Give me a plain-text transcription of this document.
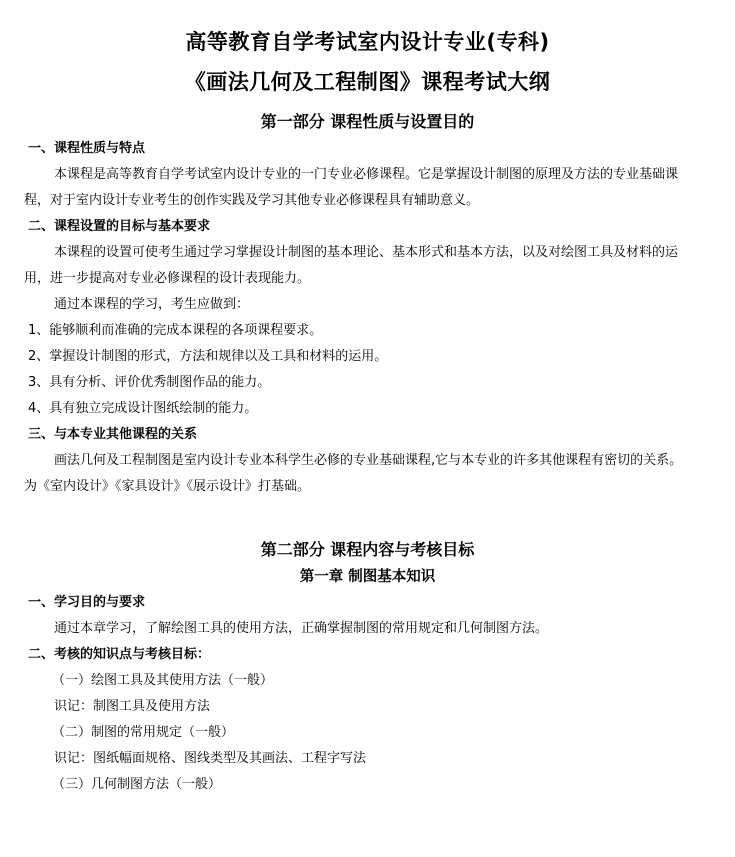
高等教育自学考试室内设计专业(专科)
《画法几何及工程制图》课程考试大纲
第一部分 课程性质与设置目的
一、课程性质与特点
本课程是高等教育自学考试室内设计专业的一门专业必修课程。它是掌握设计制图的原理及方法的专业基础课
程，对于室内设计专业考生的创作实践及学习其他专业必修课程具有辅助意义。
二、课程设置的目标与基本要求
本课程的设置可使考生通过学习掌握设计制图的基本理论、基本形式和基本方法，以及对绘图工具及材料的运
用，进一步提高对专业必修课程的设计表现能力。
通过本课程的学习，考生应做到：
1、能够顺利而准确的完成本课程的各项课程要求。
2、掌握设计制图的形式，方法和规律以及工具和材料的运用。
3、具有分析、评价优秀制图作品的能力。
4、具有独立完成设计图纸绘制的能力。
三、与本专业其他课程的关系
画法几何及工程制图是室内设计专业本科学生必修的专业基础课程,它与本专业的许多其他课程有密切的关系。
为《室内设计》《家具设计》《展示设计》打基础。
第二部分 课程内容与考核目标
第一章 制图基本知识
一、学习目的与要求
通过本章学习，了解绘图工具的使用方法，正确掌握制图的常用规定和几何制图方法。
二、考核的知识点与考核目标：
（一）绘图工具及其使用方法（一般）
识记：制图工具及使用方法
（二）制图的常用规定（一般）
识记：图纸幅面规格、图线类型及其画法、工程字写法
（三）几何制图方法（一般）
